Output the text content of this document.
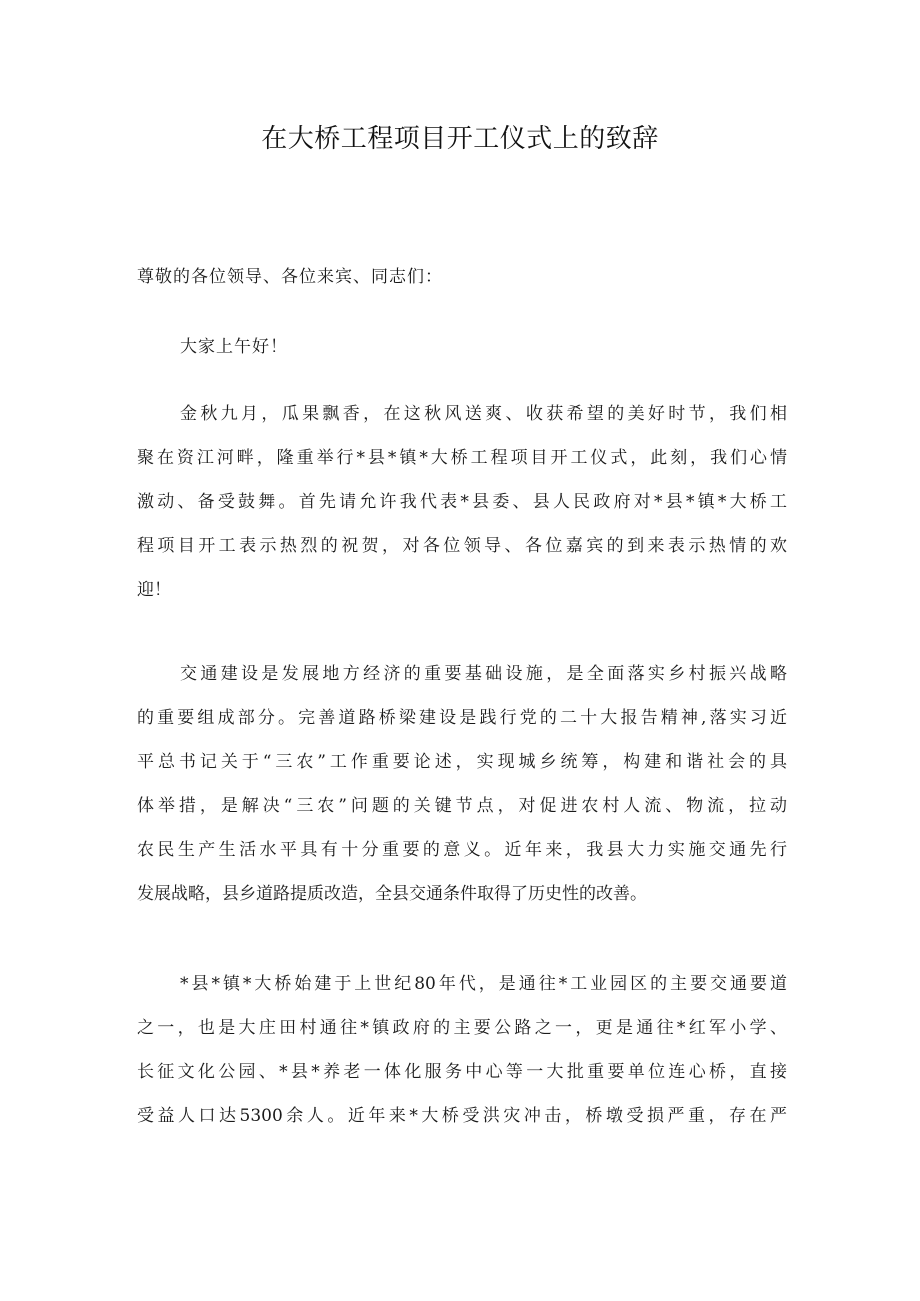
在大桥工程项目开工仪式上的致辞

尊敬的各位领导、各位来宾、同志们：

大家上午好！

金秋九月，瓜果飘香，在这秋风送爽、收获希望的美好时节，我们相
聚在资江河畔，隆重举行*县*镇*大桥工程项目开工仪式，此刻，我们心情
激动、备受鼓舞。首先请允许我代表*县委、县人民政府对*县*镇*大桥工
程项目开工表示热烈的祝贺，对各位领导、各位嘉宾的到来表示热情的欢
迎！
交通建设是发展地方经济的重要基础设施，是全面落实乡村振兴战略
的重要组成部分。完善道路桥梁建设是践行党的二十大报告精神,落实习近
平总书记关于“三农”工作重要论述，实现城乡统筹，构建和谐社会的具
体举措，是解决“三农”问题的关键节点，对促进农村人流、物流，拉动
农民生产生活水平具有十分重要的意义。近年来，我县大力实施交通先行
发展战略，县乡道路提质改造，全县交通条件取得了历史性的改善。
*县*镇*大桥始建于上世纪80年代，是通往*工业园区的主要交通要道
之一，也是大庄田村通往*镇政府的主要公路之一，更是通往*红军小学、
长征文化公园、*县*养老一体化服务中心等一大批重要单位连心桥，直接
受益人口达5300余人。近年来*大桥受洪灾冲击，桥墩受损严重，存在严
